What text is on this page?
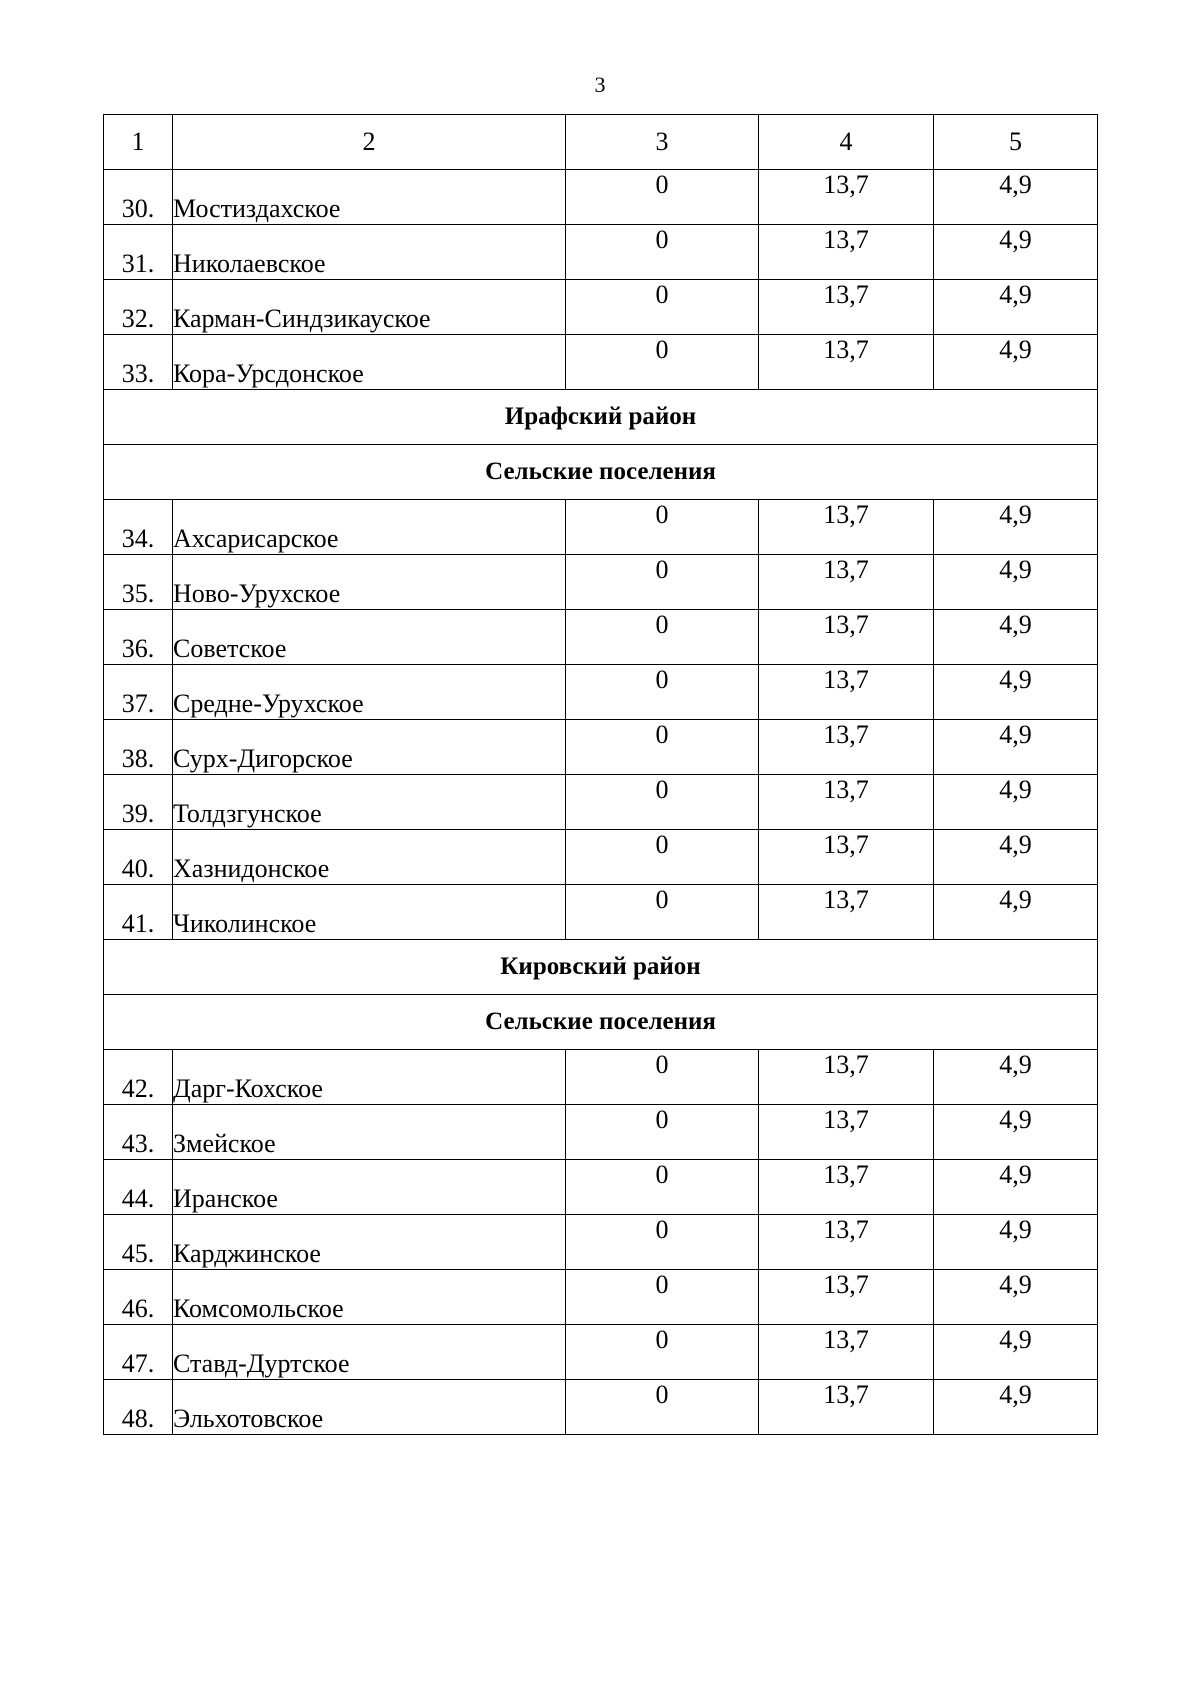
3
1	2	3	4	5
30.	Мостиздахское	0	13,7	4,9
31.	Николаевское	0	13,7	4,9
32.	Карман-Синдзикауское	0	13,7	4,9
33.	Кора-Урсдонское	0	13,7	4,9
Ирафский район				
Сельские поселения				
34.	Ахсарисарское	0	13,7	4,9
35.	Ново-Урухское	0	13,7	4,9
36.	Советское	0	13,7	4,9
37.	Средне-Урухское	0	13,7	4,9
38.	Сурх-Дигорское	0	13,7	4,9
39.	Толдзгунское	0	13,7	4,9
40.	Хазнидонское	0	13,7	4,9
41.	Чиколинское	0	13,7	4,9
Кировский район				
Сельские поселения				
42.	Дарг-Кохское	0	13,7	4,9
43.	Змейское	0	13,7	4,9
44.	Иранское	0	13,7	4,9
45.	Карджинское	0	13,7	4,9
46.	Комсомольское	0	13,7	4,9
47.	Ставд-Дуртское	0	13,7	4,9
48.	Эльхотовское	0	13,7	4,9
